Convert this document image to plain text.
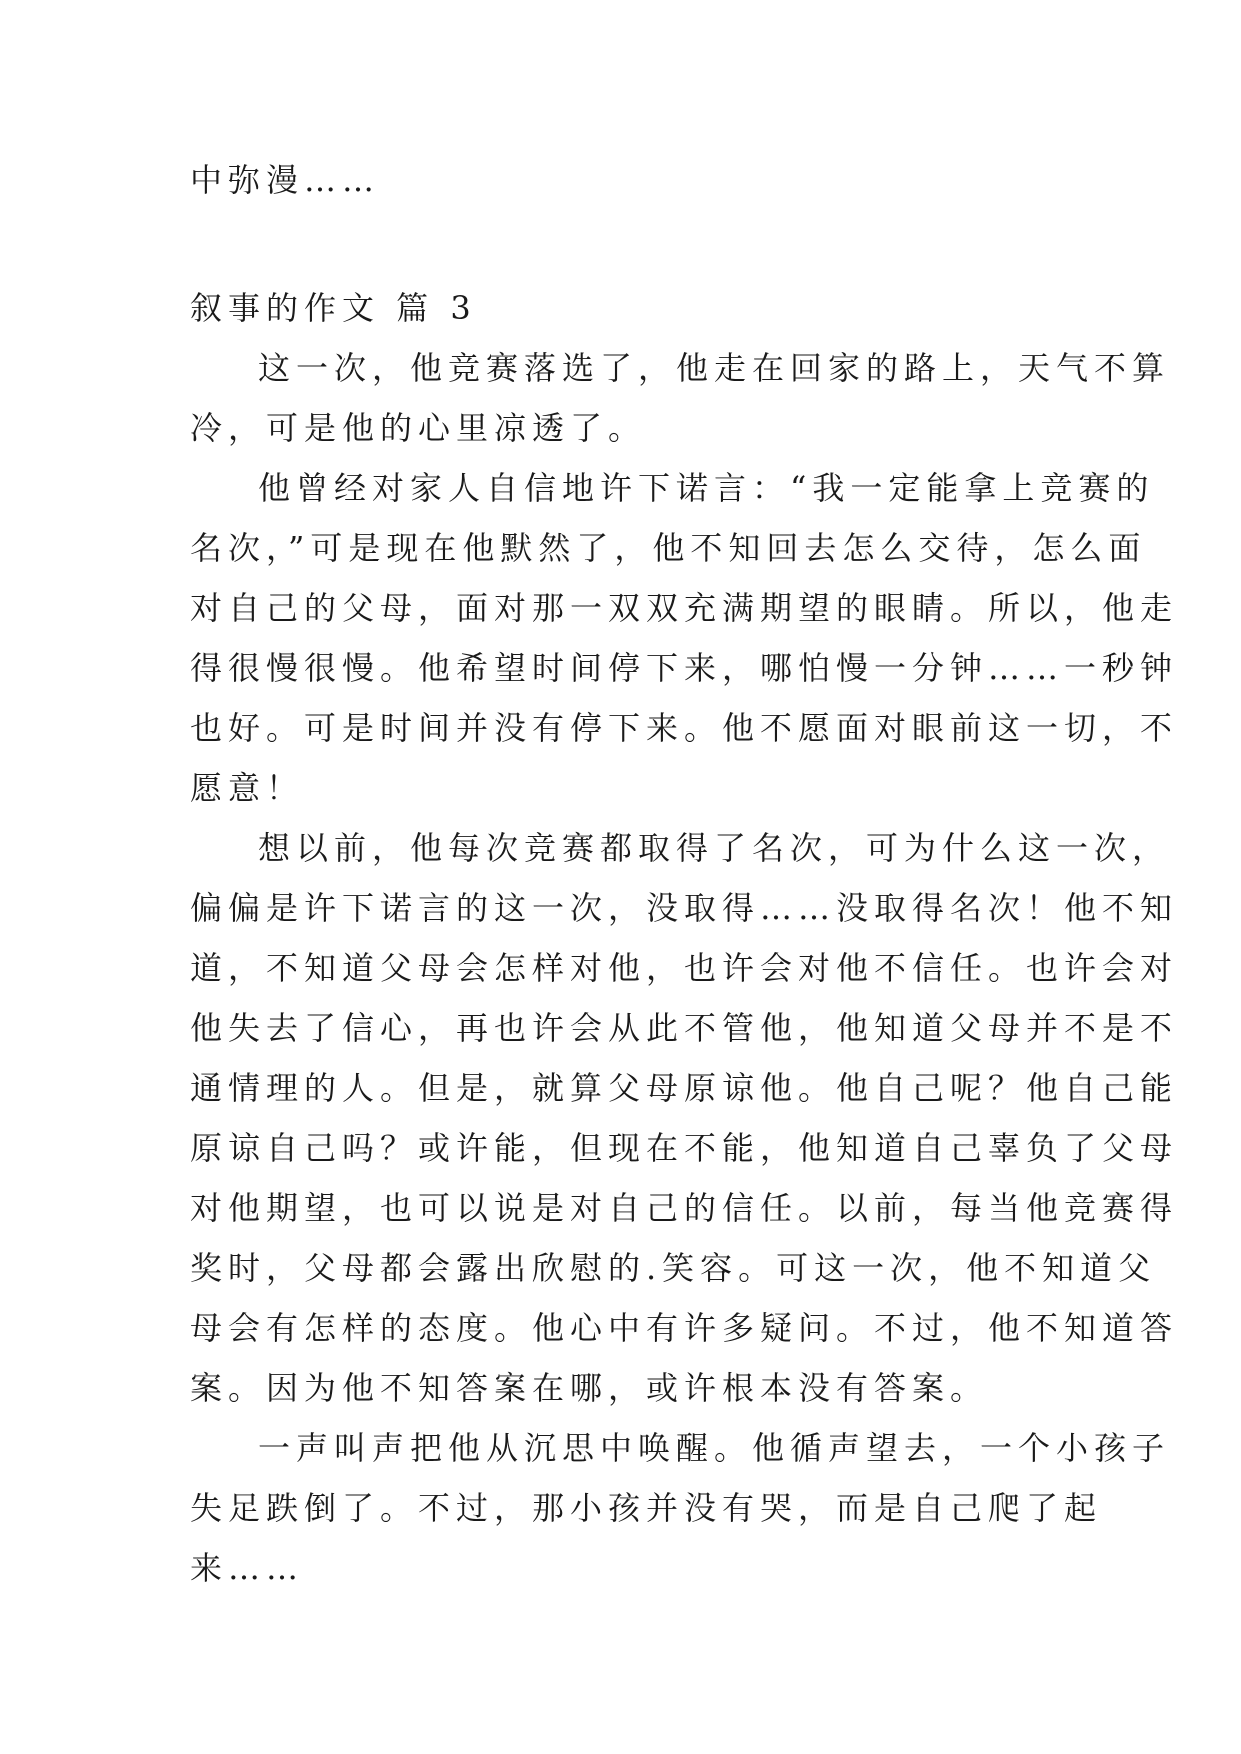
中弥漫……
叙事的作文 篇 3
这一次，他竞赛落选了，他走在回家的路上，天气不算
冷，可是他的心里凉透了。
他曾经对家人自信地许下诺言：“我一定能拿上竞赛的
名次，”可是现在他默然了，他不知回去怎么交待，怎么面
对自己的父母，面对那一双双充满期望的眼睛。所以，他走
得很慢很慢。他希望时间停下来，哪怕慢一分钟……一秒钟
也好。可是时间并没有停下来。他不愿面对眼前这一切，不
愿意！
想以前，他每次竞赛都取得了名次，可为什么这一次，
偏偏是许下诺言的这一次，没取得……没取得名次！他不知
道，不知道父母会怎样对他，也许会对他不信任。也许会对
他失去了信心，再也许会从此不管他，他知道父母并不是不
通情理的人。但是，就算父母原谅他。他自己呢？他自己能
原谅自己吗？或许能，但现在不能，他知道自己辜负了父母
对他期望，也可以说是对自己的信任。以前，每当他竞赛得
奖时，父母都会露出欣慰的.笑容。可这一次，他不知道父
母会有怎样的态度。他心中有许多疑问。不过，他不知道答
案。因为他不知答案在哪，或许根本没有答案。
一声叫声把他从沉思中唤醒。他循声望去，一个小孩子
失足跌倒了。不过，那小孩并没有哭，而是自己爬了起
来……
